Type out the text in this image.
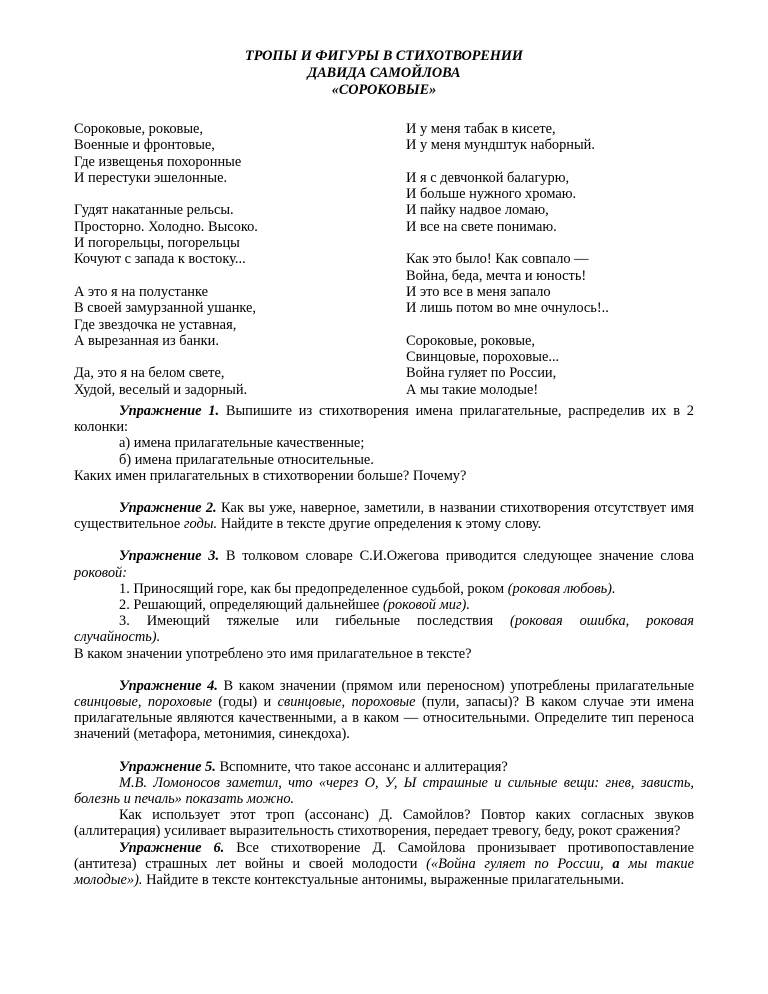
ТРОПЫ И ФИГУРЫ В СТИХОТВОРЕНИИ
ДАВИДА САМОЙЛОВА
«СОРОКОВЫЕ»
Сороковые, роковые,
Военные и фронтовые,
Где извещенья похоронные
И перестуки эшелонные.
Гудят накатанные рельсы.
Просторно. Холодно. Высоко.
И погорельцы, погорельцы
Кочуют с запада к востоку...
А это я на полустанке
В своей замурзанной ушанке,
Где звездочка не уставная,
А вырезанная из банки.
Да, это я на белом свете,
Худой, веселый и задорный.
И у меня табак в кисете,
И у меня мундштук наборный.
И я с девчонкой балагурю,
И больше нужного хромаю.
И пайку надвое ломаю,
И все на свете понимаю.
Как это было! Как совпало —
Война, беда, мечта и юность!
И это все в меня запало
И лишь потом во мне очнулось!..
Сороковые, роковые,
Свинцовые, пороховые...
Война гуляет по России,
А мы такие молодые!
Упражнение 1. Выпишите из стихотворения имена прилагательные, распределив их в 2 колонки:
а) имена прилагательные качественные;
б) имена прилагательные относительные.
Каких имен прилагательных в стихотворении больше? Почему?
Упражнение 2. Как вы уже, наверное, заметили, в названии стихотворения отсутствует имя существительное годы. Найдите в тексте другие определения к этому слову.
Упражнение 3. В толковом словаре С.И.Ожегова приводится следующее значение слова роковой:
1. Приносящий горе, как бы предопределенное судьбой, роком (роковая любовь).
2. Решающий, определяющий дальнейшее (роковой миг).
3. Имеющий тяжелые или гибельные последствия (роковая ошибка, роковая случайность).
В каком значении употреблено это имя прилагательное в тексте?
Упражнение 4. В каком значении (прямом или переносном) употреблены прилагательные свинцовые, пороховые (годы) и свинцовые, пороховые (пули, запасы)? В каком случае эти имена прилагательные являются качественными, а в каком — относительными. Определите тип переноса значений (метафора, метонимия, синекдоха).
Упражнение 5. Вспомните, что такое ассонанс и аллитерация?
М.В. Ломоносов заметил, что «через О, У, Ы страшные и сильные вещи: гнев, зависть, болезнь и печаль» показать можно.
Как использует этот троп (ассонанс) Д. Самойлов? Повтор каких согласных звуков (аллитерация) усиливает выразительность стихотворения, передает тревогу, беду, рокот сражения?
Упражнение 6. Все стихотворение Д. Самойлова пронизывает противопоставление (антитеза) страшных лет войны и своей молодости («Война гуляет по России, а мы такие молодые»). Найдите в тексте контекстуальные антонимы, выраженные прилагательными.
